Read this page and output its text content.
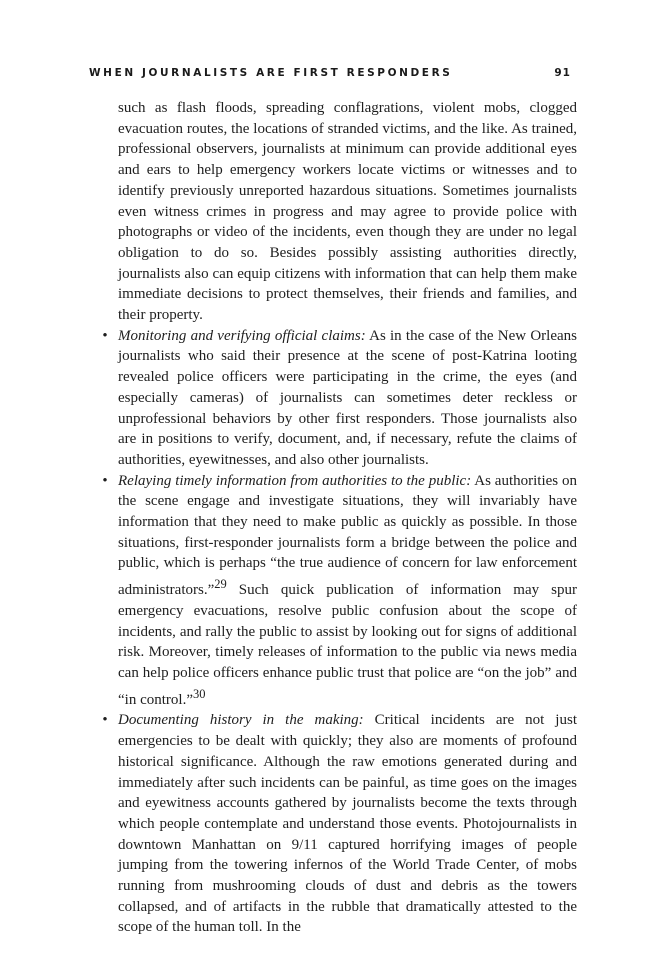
WHEN JOURNALISTS ARE FIRST RESPONDERS	91

such as flash floods, spreading conflagrations, violent mobs, clogged evacuation routes, the locations of stranded victims, and the like. As trained, professional observers, journalists at minimum can provide additional eyes and ears to help emergency workers locate victims or witnesses and to identify previously unreported hazardous situations. Sometimes journalists even witness crimes in progress and may agree to provide police with photographs or video of the incidents, even though they are under no legal obligation to do so. Besides possibly assisting authorities directly, journalists also can equip citizens with information that can help them make immediate decisions to protect themselves, their friends and families, and their property.

• Monitoring and verifying official claims: As in the case of the New Orleans journalists who said their presence at the scene of post-Katrina looting revealed police officers were participating in the crime, the eyes (and especially cameras) of journalists can sometimes deter reckless or unprofessional behaviors by other first responders. Those journalists also are in positions to verify, document, and, if necessary, refute the claims of authorities, eyewitnesses, and also other journalists.
• Relaying timely information from authorities to the public: As authorities on the scene engage and investigate situations, they will invariably have information that they need to make public as quickly as possible. In those situations, first-responder journalists form a bridge between the police and public, which is perhaps “the true audience of concern for law enforcement administrators.”$^{29}$ Such quick publication of information may spur emergency evacuations, resolve public confusion about the scope of incidents, and rally the public to assist by looking out for signs of additional risk. Moreover, timely releases of information to the public via news media can help police officers enhance public trust that police are “on the job” and “in control.”$^{30}$
• Documenting history in the making: Critical incidents are not just emergencies to be dealt with quickly; they also are moments of profound historical significance. Although the raw emotions generated during and immediately after such incidents can be painful, as time goes on the images and eyewitness accounts gathered by journalists become the texts through which people contemplate and understand those events. Photojournalists in downtown Manhattan on 9/11 captured horrifying images of people jumping from the towering infernos of the World Trade Center, of mobs running from mushrooming clouds of dust and debris as the towers collapsed, and of artifacts in the rubble that dramatically attested to the scope of the human toll. In the
